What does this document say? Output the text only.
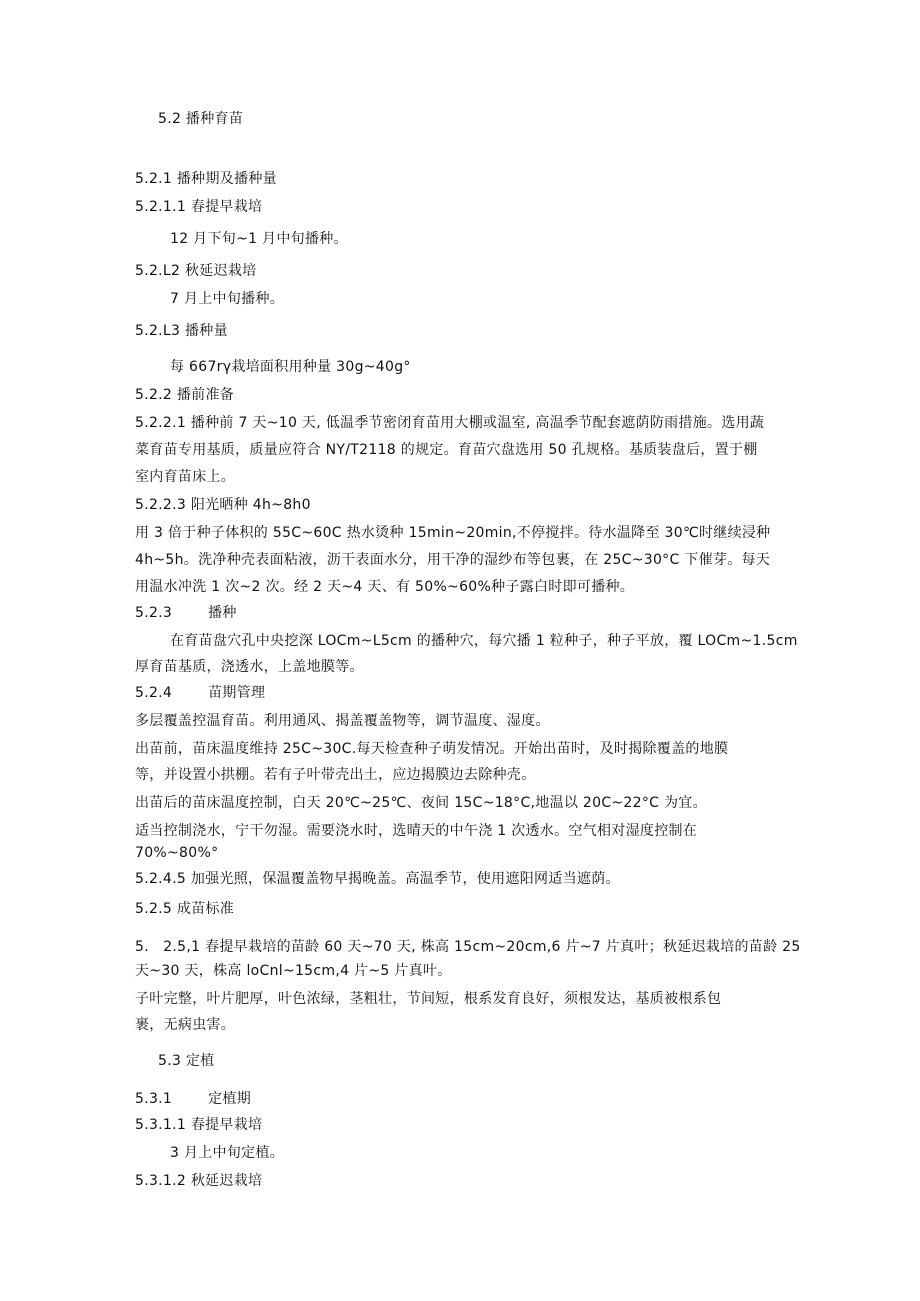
5.2 播种育苗
5.2.1 播种期及播种量
5.2.1.1 春提早栽培
12 月下旬~1 月中旬播种。
5.2.L2 秋延迟栽培
7 月上中旬播种。
5.2.L3 播种量
每 667rγ栽培面积用种量 30g~40g°
5.2.2 播前准备
5.2.2.1 播种前 7 天~10 天, 低温季节密闭育苗用大棚或温室, 高温季节配套遮荫防雨措施。选用蔬
菜育苗专用基质，质量应符合 NY/T2118 的规定。育苗穴盘选用 50 孔规格。基质装盘后，置于棚
室内育苗床上。
5.2.2.3 阳光晒种 4h~8h0
用 3 倍于种子体积的 55C~60C 热水烫种 15min~20min,不停搅拌。待水温降至 30℃时继续浸种
4h~5h。洗净种壳表面粘液，沥干表面水分，用干净的湿纱布等包裹，在 25C~30°C 下催芽。每天
用温水冲洗 1 次~2 次。经 2 天~4 天、有 50%~60%种子露白时即可播种。
5.2.3	播种
在育苗盘穴孔中央挖深 LOCm~L5cm 的播种穴，每穴播 1 粒种子，种子平放，覆 LOCm~1.5cm
厚育苗基质，浇透水，上盖地膜等。
5.2.4	苗期管理
多层覆盖控温育苗。利用通风、揭盖覆盖物等，调节温度、湿度。
出苗前，苗床温度维持 25C~30C.每天检查种子萌发情况。开始出苗时，及时揭除覆盖的地膜
等，并设置小拱棚。若有子叶带壳出土，应边揭膜边去除种壳。
出苗后的苗床温度控制，白天 20℃~25℃、夜间 15C~18°C,地温以 20C~22°C 为宜。
适当控制浇水，宁干勿湿。需要浇水时，选晴天的中午浇 1 次透水。空气相对湿度控制在
70%~80%°
5.2.4.5 加强光照，保温覆盖物早揭晚盖。高温季节，使用遮阳网适当遮荫。
5.2.5 成苗标准
5.   2.5,1 春提早栽培的苗龄 60 天~70 天, 株高 15cm~20cm,6 片~7 片真叶；秋延迟栽培的苗龄 25
天~30 天，株高 loCnl~15cm,4 片~5 片真叶。
子叶完整，叶片肥厚，叶色浓绿，茎粗壮，节间短，根系发育良好，须根发达，基质被根系包
裹，无病虫害。
5.3 定植
5.3.1	定植期
5.3.1.1 春提早栽培
3 月上中旬定植。
5.3.1.2 秋延迟栽培
